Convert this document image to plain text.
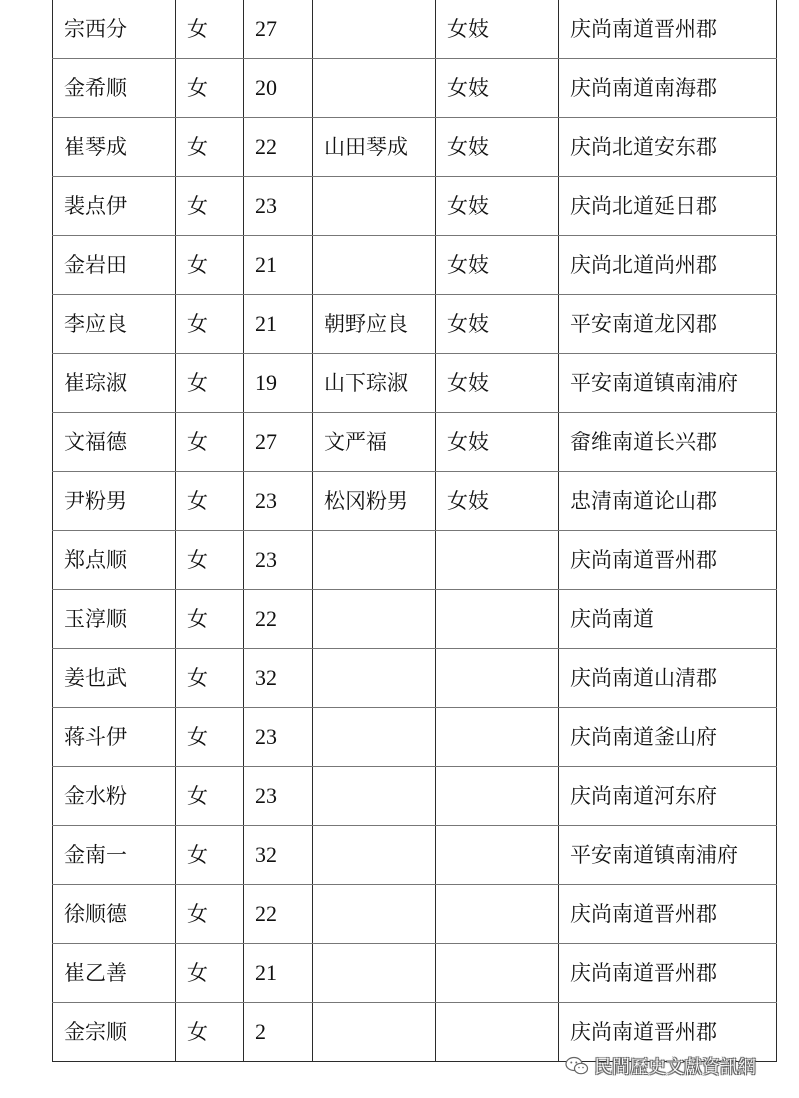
宗西分	女	27		女妓	庆尚南道晋州郡
金希顺	女	20		女妓	庆尚南道南海郡
崔琴成	女	22	山田琴成	女妓	庆尚北道安东郡
裴点伊	女	23		女妓	庆尚北道延日郡
金岩田	女	21		女妓	庆尚北道尚州郡
李应良	女	21	朝野应良	女妓	平安南道龙冈郡
崔琮淑	女	19	山下琮淑	女妓	平安南道镇南浦府
文福德	女	27	文严福	女妓	畲维南道长兴郡
尹粉男	女	23	松冈粉男	女妓	忠清南道论山郡
郑点顺	女	23			庆尚南道晋州郡
玉淳顺	女	22			庆尚南道
姜也武	女	32			庆尚南道山清郡
蒋斗伊	女	23			庆尚南道釜山府
金水粉	女	23			庆尚南道河东府
金南一	女	32			平安南道镇南浦府
徐顺德	女	22			庆尚南道晋州郡
崔乙善	女	21			庆尚南道晋州郡
金宗顺	女	2			庆尚南道晋州郡
民間歷史文獻資訊網
